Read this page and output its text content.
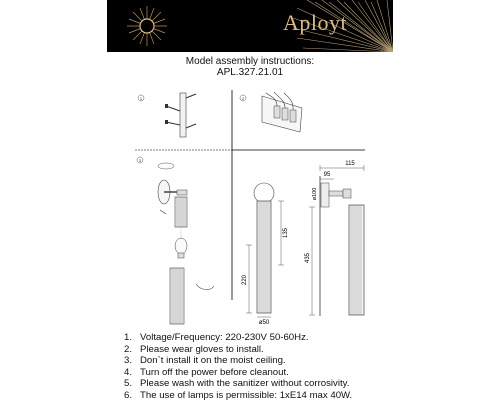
Aployt
Model assembly instructions:
APL.327.21.01
1	2
3
135
220
ø50
115
95
ø100
435
1. Voltage/Frequency: 220-230V 50-60Hz.
2. Please wear gloves to install.
3. Don`t install it on the moist ceiling.
4. Turn off the power before cleanout.
5. Please wash with the sanitizer without corrosivity.
6. The use of lamps is permissible: 1xE14 max 40W.
